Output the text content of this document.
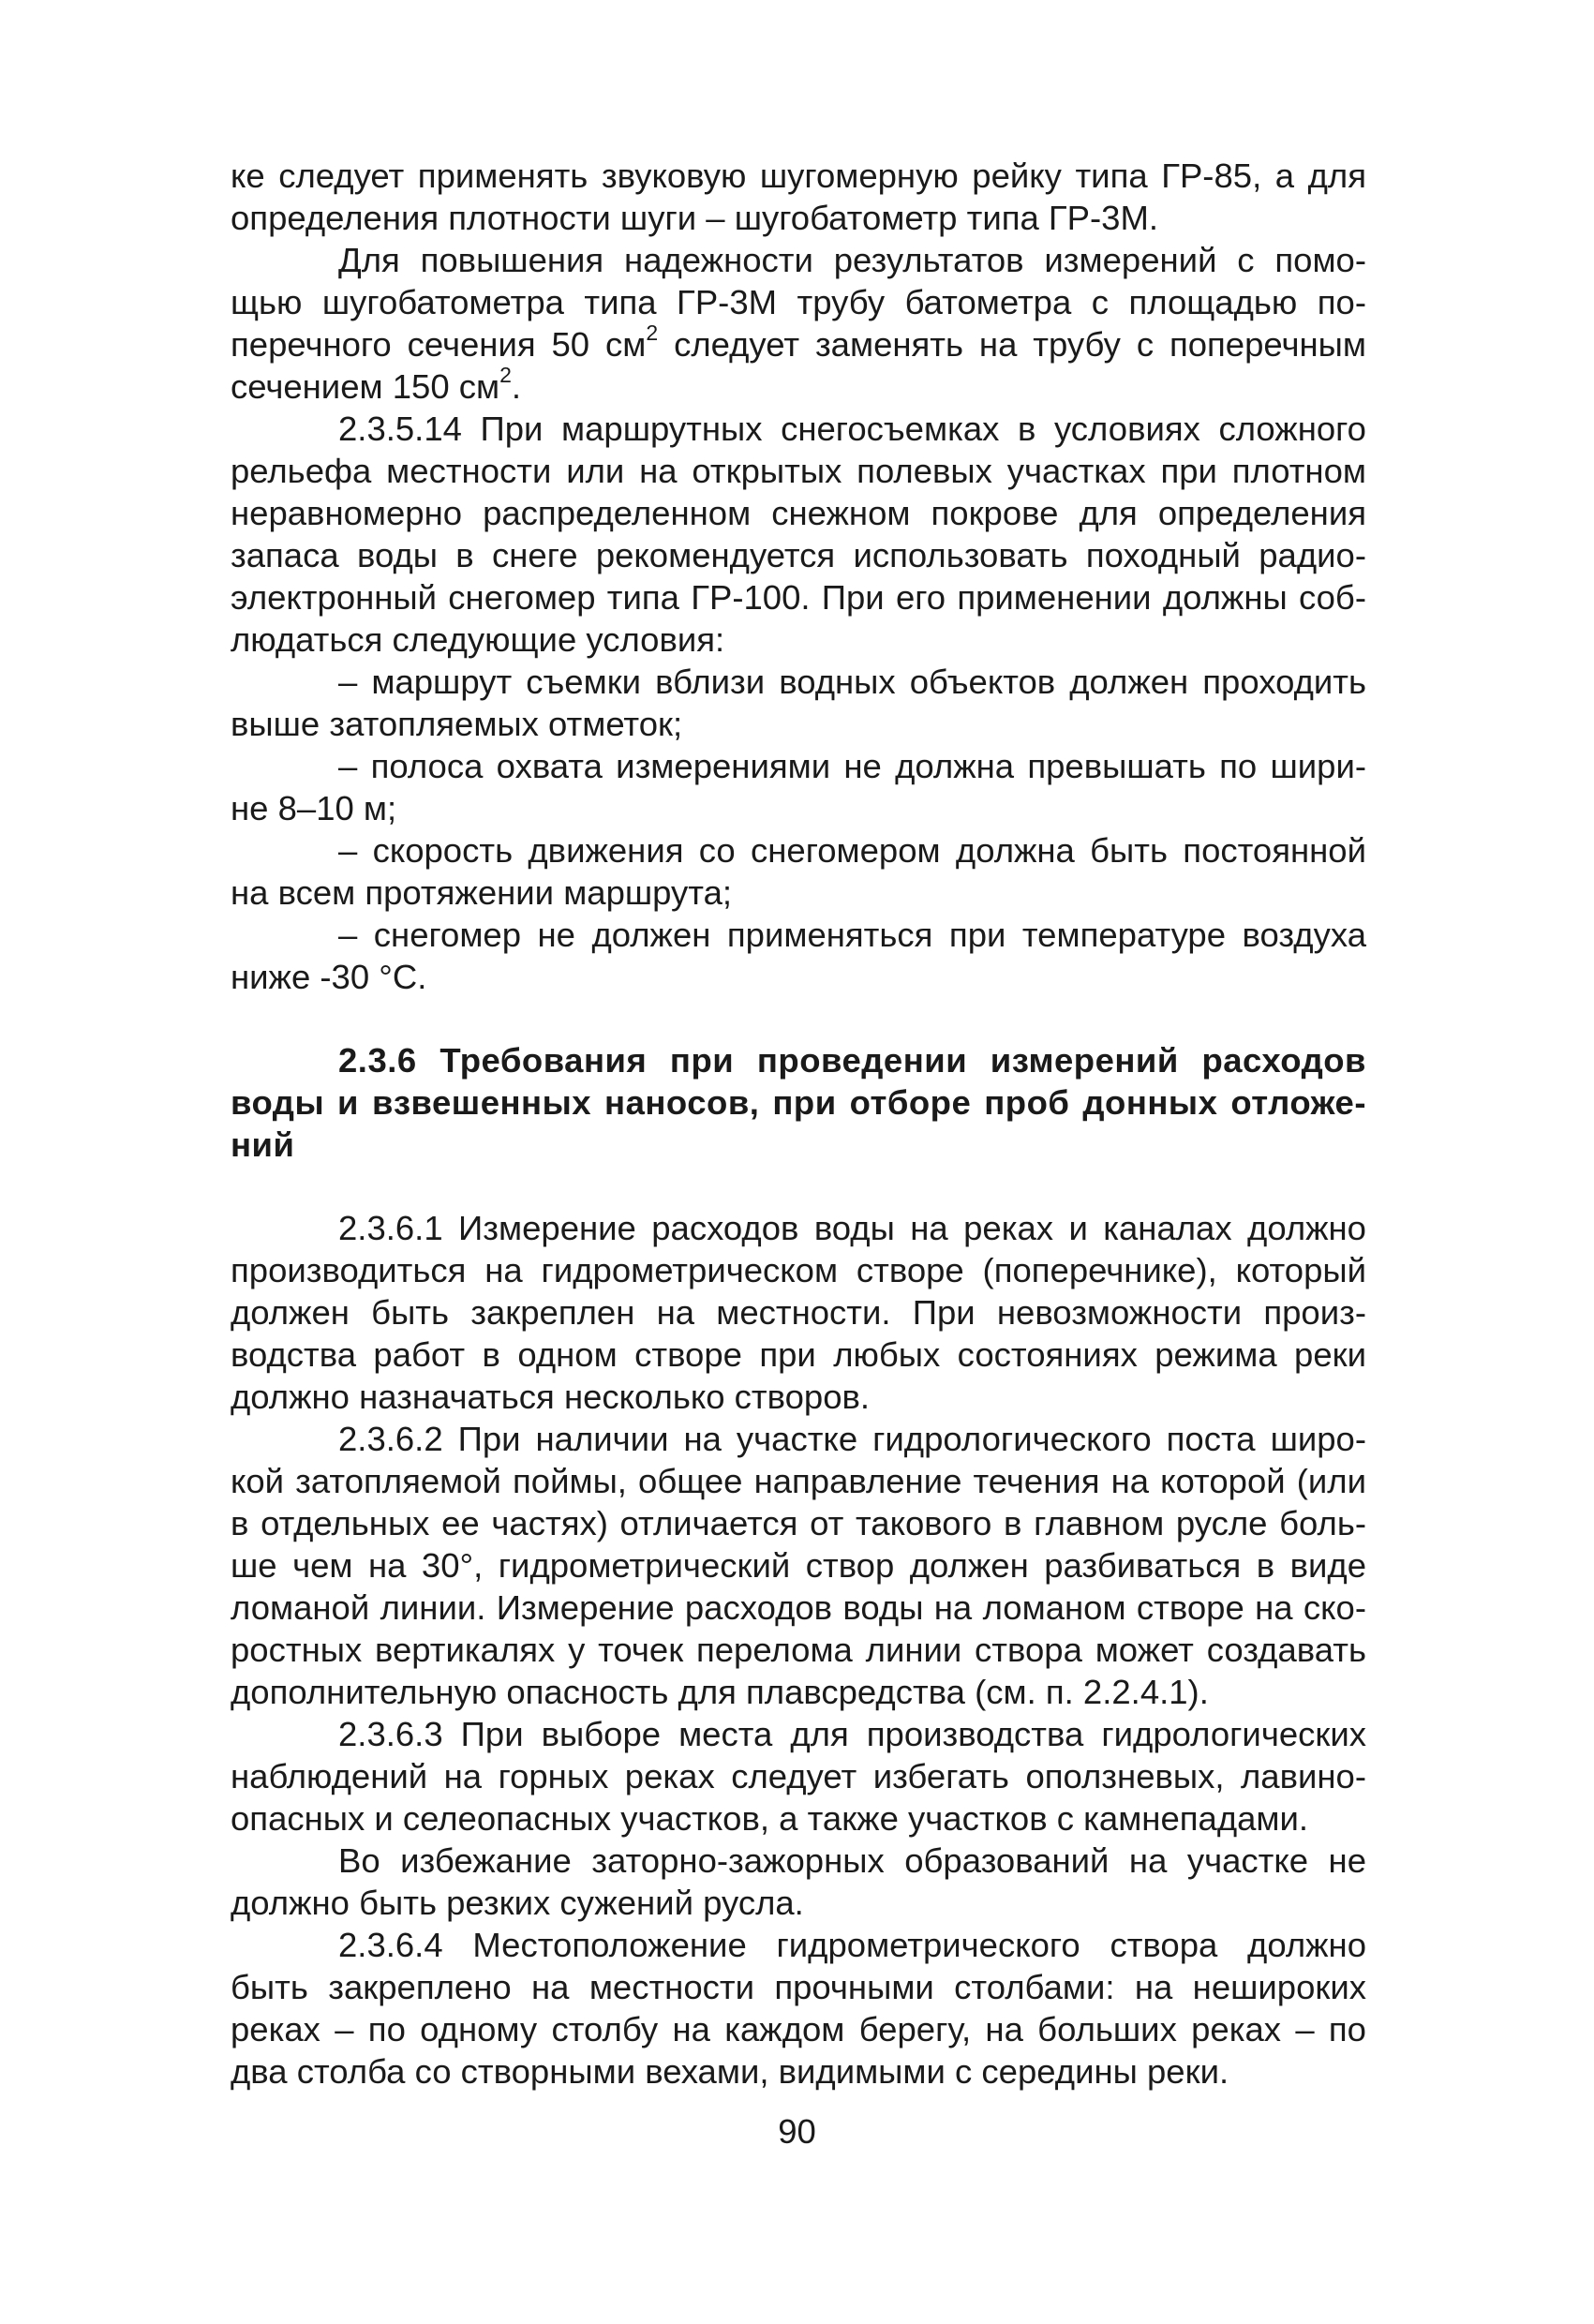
ке следует применять звуковую шугомерную рейку типа ГР-85, а для
определения плотности шуги – шугобатометр типа ГР-3М.
Для повышения надежности результатов измерений с помо-
щью шугобатометра типа ГР-3М трубу батометра с площадью по-
перечного сечения 50 $см^2$ следует заменять на трубу с поперечным
сечением 150 $см^2$.
2.3.5.14 При маршрутных снегосъемках в условиях сложного
рельефа местности или на открытых полевых участках при плотном
неравномерно распределенном снежном покрове для определения
запаса воды в снеге рекомендуется использовать походный радио-
электронный снегомер типа ГР-100. При его применении должны соб-
людаться следующие условия:
– маршрут съемки вблизи водных объектов должен проходить
выше затопляемых отметок;
– полоса охвата измерениями не должна превышать по шири-
не 8–10 м;
– скорость движения со снегомером должна быть постоянной
на всем протяжении маршрута;
– снегомер не должен применяться при температуре воздуха
ниже -30 °С.
2.3.6 Требования при проведении измерений расходов
воды и взвешенных наносов, при отборе проб донных отложе-
ний
2.3.6.1 Измерение расходов воды на реках и каналах должно
производиться на гидрометрическом створе (поперечнике), который
должен быть закреплен на местности. При невозможности произ-
водства работ в одном створе при любых состояниях режима реки
должно назначаться несколько створов.
2.3.6.2 При наличии на участке гидрологического поста широ-
кой затопляемой поймы, общее направление течения на которой (или
в отдельных ее частях) отличается от такового в главном русле боль-
ше чем на 30°, гидрометрический створ должен разбиваться в виде
ломаной линии. Измерение расходов воды на ломаном створе на ско-
ростных вертикалях у точек перелома линии створа может создавать
дополнительную опасность для плавсредства (см. п. 2.2.4.1).
2.3.6.3 При выборе места для производства гидрологических
наблюдений на горных реках следует избегать оползневых, лавино-
опасных и селеопасных участков, а также участков с камнепадами.
Во избежание заторно-зажорных образований на участке не
должно быть резких сужений русла.
2.3.6.4 Местоположение гидрометрического створа должно
быть закреплено на местности прочными столбами: на нешироких
реках – по одному столбу на каждом берегу, на больших реках – по
два столба со створными вехами, видимыми с середины реки.
90
